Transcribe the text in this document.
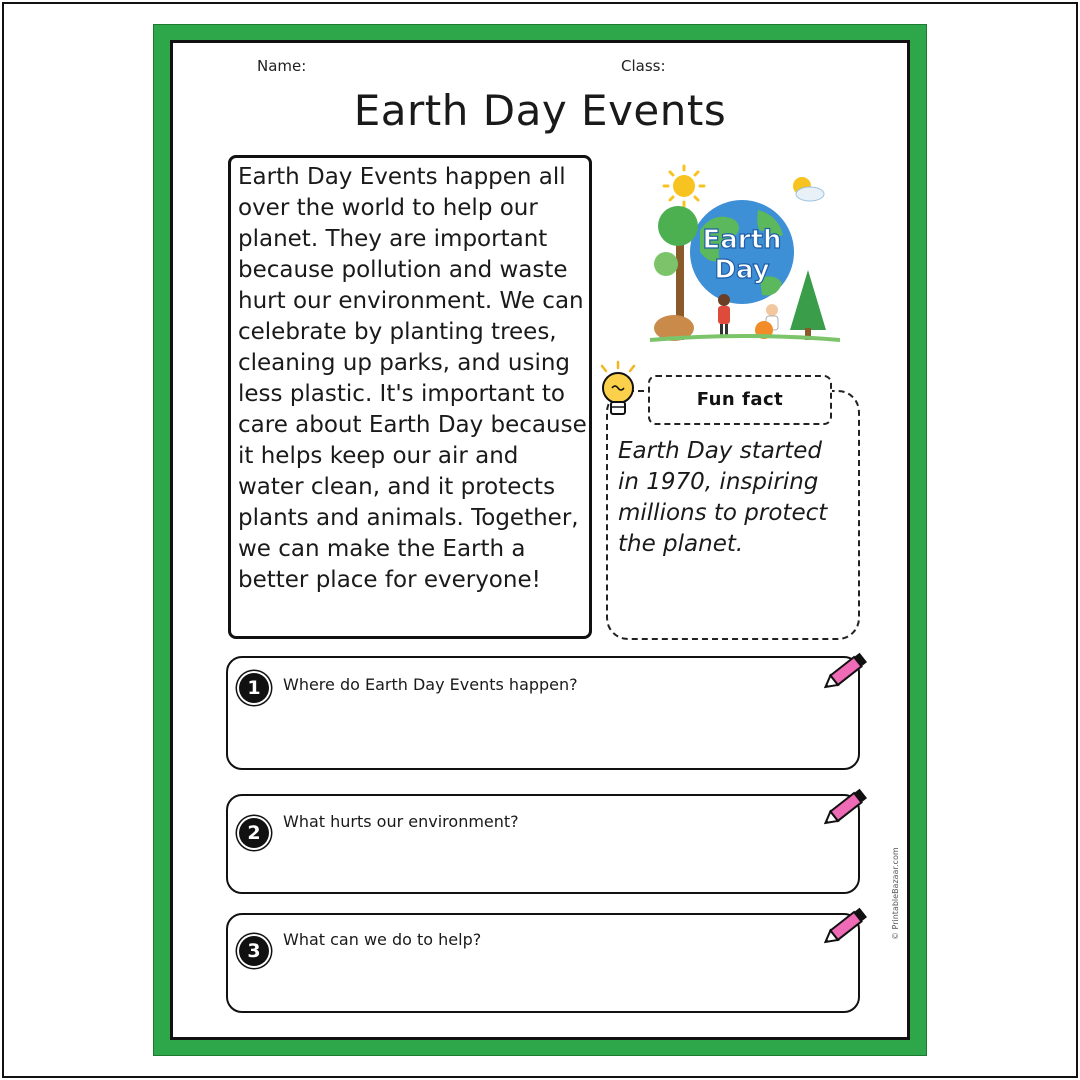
Name:	Class:
Earth Day Events
Earth Day Events happen all over the world to help our planet. They are important because pollution and waste hurt our environment. We can celebrate by planting trees, cleaning up parks, and using less plastic. It's important to care about Earth Day because it helps keep our air and water clean, and it protects plants and animals. Together, we can make the Earth a better place for everyone!
Earth
Day
Fun fact
Earth Day started in 1970, inspiring millions to protect the planet.
1	Where do Earth Day Events happen?
2
What hurts our environment?
3
What can we do to help?	© PrintableBazaar.com
